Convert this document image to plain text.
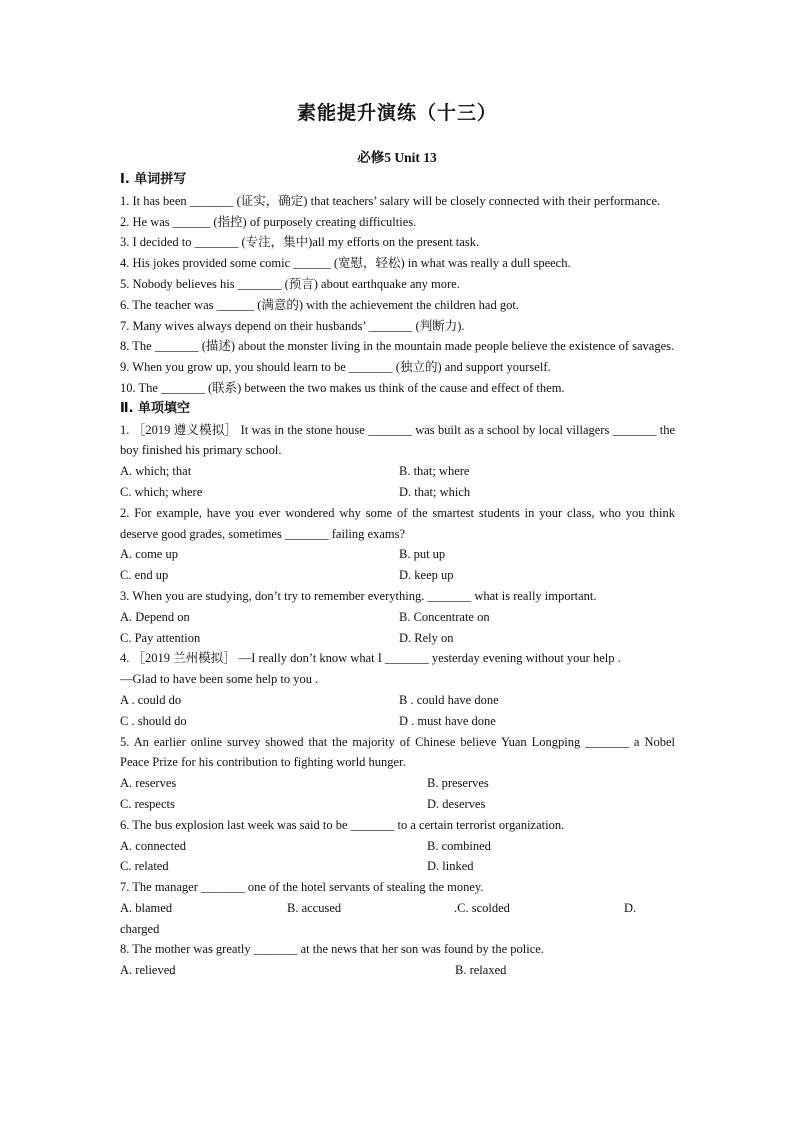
素能提升演练（十三）
必修5 Unit 13
Ⅰ. 单词拼写
1. It has been _______ (证实，确定) that teachers’ salary will be closely connected with their performance.
2. He was ______ (指控) of purposely creating difficulties.
3. I decided to _______ (专注，集中)all my efforts on the present task.
4. His jokes provided some comic ______ (宽慰，轻松) in what was really a dull speech.
5. Nobody believes his _______ (预言) about earthquake any more.
6. The teacher was ______ (满意的) with the achievement the children had got.
7. Many wives always depend on their husbands’ _______ (判断力).
8. The _______ (描述) about the monster living in the mountain made people believe the existence of savages.
9. When you grow up, you should learn to be _______ (独立的) and support yourself.
10. The _______ (联系) between the two makes us think of the cause and effect of them.
Ⅱ. 单项填空
1. ［2019 遵义模拟］ It was in the stone house _______ was built as a school by local villagers _______ the boy finished his primary school.
A. which; that	B. that; where
C. which; where	D. that; which
2. For example, have you ever wondered why some of the smartest students in your class, who you think deserve good grades, sometimes _______ failing exams?
A. come up	B. put up
C. end up	D. keep up
3. When you are studying, don’t try to remember everything. _______ what is really important.
A. Depend on	B. Concentrate on
C. Pay attention	D. Rely on
4. ［2019 兰州模拟］ —I really don’t know what I _______ yesterday evening without your help .
—Glad to have been some help to you .
A . could do	B . could have done
C . should do	D . must have done
5. An earlier online survey showed that the majority of Chinese believe Yuan Longping _______ a Nobel Peace Prize for his contribution to fighting world hunger.
A. reserves	B. preserves
C. respects	D. deserves
6. The bus explosion last week was said to be _______ to a certain terrorist organization.
A. connected	B. combined
C. related	D. linked
7. The manager _______ one of the hotel servants of stealing the money.
A. blamed	B. accused	.C. scolded	D.
charged
8. The mother was greatly _______ at the news that her son was found by the police.
A. relieved	B. relaxed
